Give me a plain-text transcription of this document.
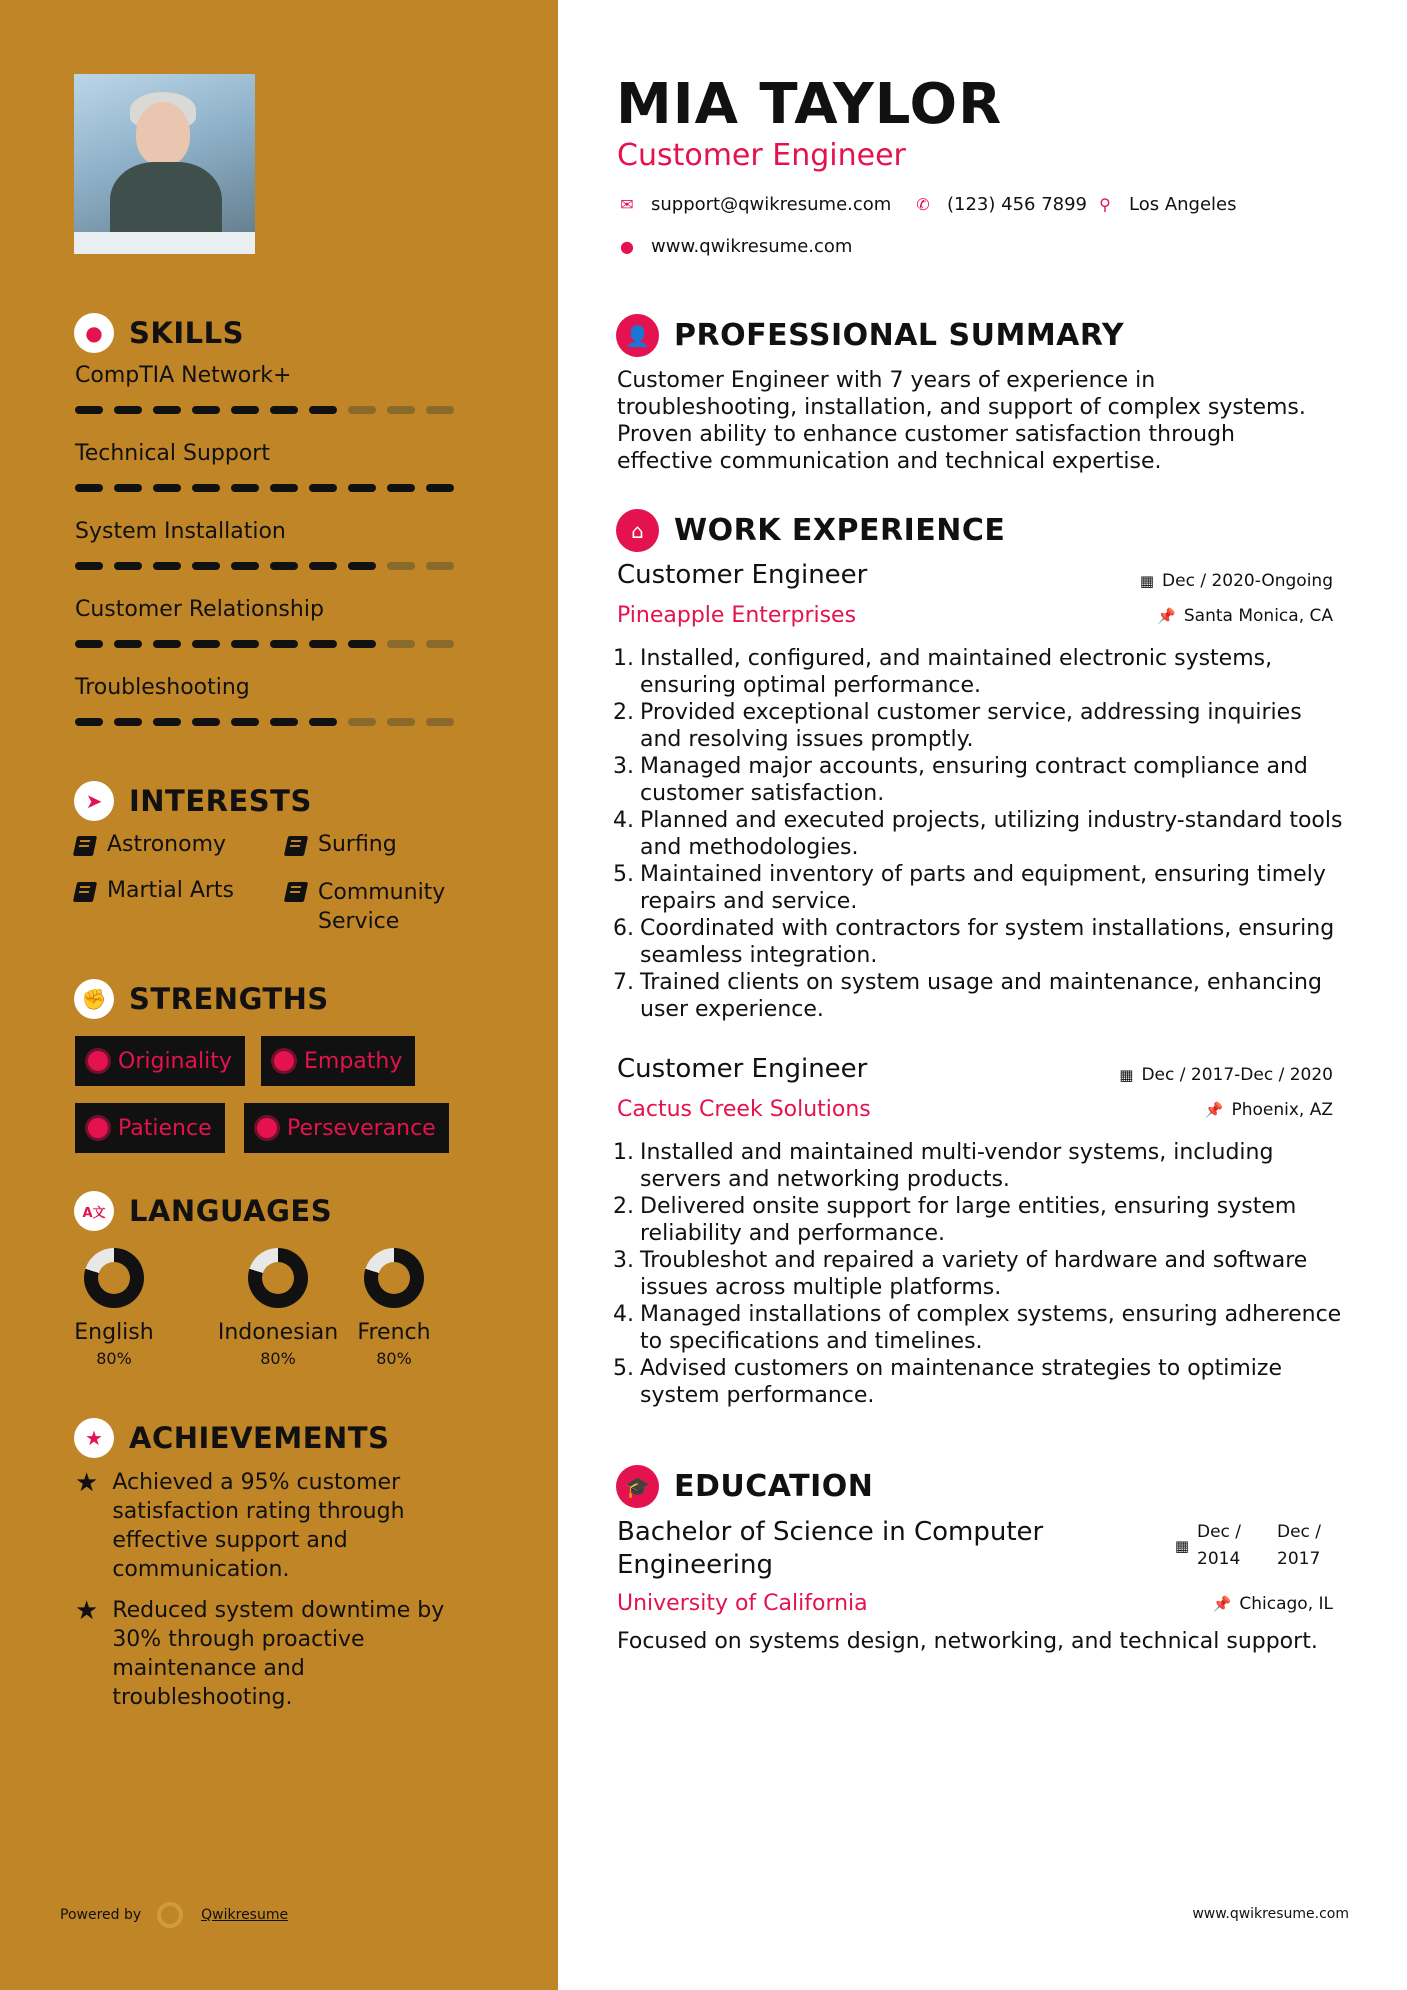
● SKILLS
CompTIA Network+
Technical Support
System Installation
Customer Relationship
Troubleshooting
➤ INTERESTS
Astronomy	Surfing
Martial Arts	Community Service
✊ STRENGTHS
Originality	Empathy
Patience	Perseverance
A文 LANGUAGES
English
80%
Indonesian
80%
French
80%
★ ACHIEVEMENTS
★ Achieved a 95% customer satisfaction rating through effective support and communication.
★ Reduced system downtime by 30% through proactive maintenance and troubleshooting.
Powered by	Qwikresume
MIA TAYLOR
Customer Engineer
✉ support@qwikresume.com ✆ (123) 456 7899 ⚲ Los Angeles
● www.qwikresume.com
👤 PROFESSIONAL SUMMARY
Customer Engineer with 7 years of experience in troubleshooting, installation, and support of complex systems. Proven ability to enhance customer satisfaction through effective communication and technical expertise.
⌂	WORK EXPERIENCE
Customer Engineer	▦ Dec / 2020-Ongoing
Pineapple Enterprises	📌 Santa Monica, CA
1. Installed, configured, and maintained electronic systems, ensuring optimal performance.
2. Provided exceptional customer service, addressing inquiries and resolving issues promptly.
3. Managed major accounts, ensuring contract compliance and customer satisfaction.
4. Planned and executed projects, utilizing industry-standard tools and methodologies.
5. Maintained inventory of parts and equipment, ensuring timely repairs and service.
6. Coordinated with contractors for system installations, ensuring seamless integration.
7. Trained clients on system usage and maintenance, enhancing user experience.
Customer Engineer	▦ Dec / 2017-Dec / 2020
Cactus Creek Solutions	📌 Phoenix, AZ
1. Installed and maintained multi-vendor systems, including servers and networking products.
2. Delivered onsite support for large entities, ensuring system reliability and performance.
3. Troubleshot and repaired a variety of hardware and software issues across multiple platforms.
4. Managed installations of complex systems, ensuring adherence to specifications and timelines.
5. Advised customers on maintenance strategies to optimize system performance.
🎓 EDUCATION
Bachelor of Science in Computer Engineering
▦
Dec / 2014
Dec / 2017
University of California	📌 Chicago, IL
Focused on systems design, networking, and technical support.
www.qwikresume.com
